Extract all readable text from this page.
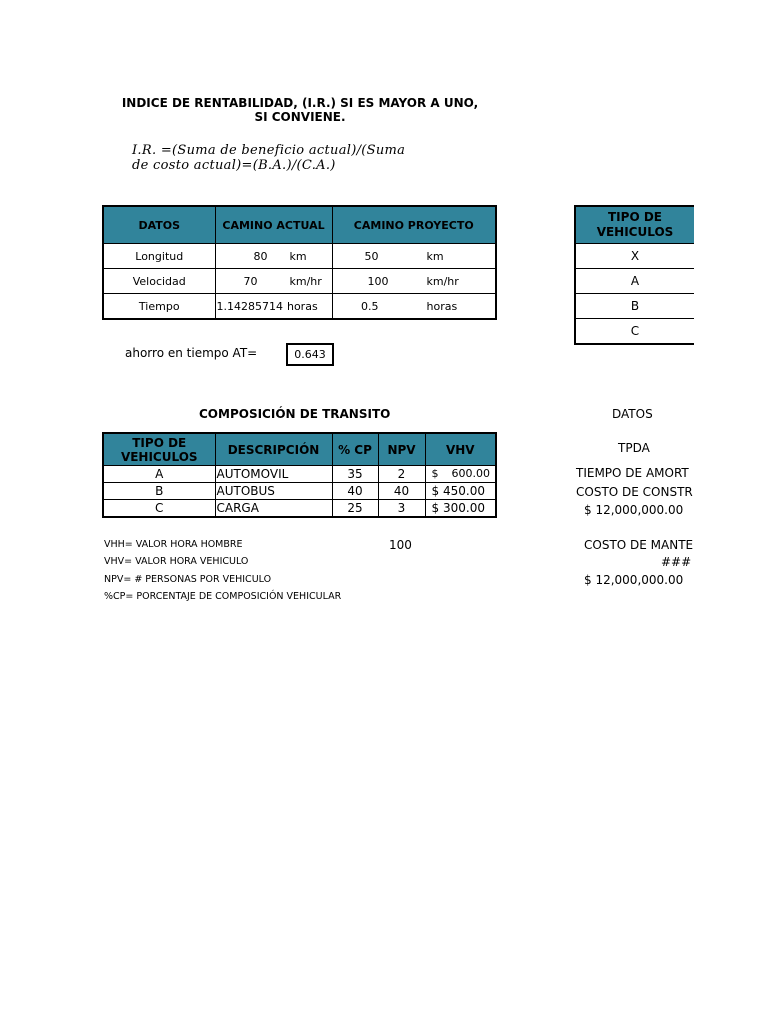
INDICE DE RENTABILIDAD, (I.R.) SI ES MAYOR A UNO,
SI CONVIENE.
I.R. =(Suma de beneficio actual)/(Suma
de costo actual)=(B.A.)/(C.A.)
DATOS	CAMINO ACTUAL	CAMINO PROYECTO
Longitud	80 km	50 km

Velocidad	70 km/hr	100 km/hr

Tiempo	1.14285714 horas	0.5 horas
TIPO DE
VEHICULOS

X

A

B

C
ahorro en tiempo AT=	0.643
COMPOSICIÓN DE TRANSITO
TIPO DE
VEHICULOS	DESCRIPCIÓN	% CP	NPV	VHV
A	AUTOMOVIL	35	2	$ 600.00

B	AUTOBUS	40	40	$ 450.00

C	CARGA	25	3	$ 300.00
VHH= VALOR HORA HOMBRE
VHV= VALOR HORA VEHICULO
NPV= # PERSONAS POR VEHICULO
%CP= PORCENTAJE DE COMPOSICIÓN VEHICULAR
100
DATOS
TPDA
TIEMPO DE AMORT
COSTO DE CONSTR
$ 12,000,000.00
COSTO DE MANTE
###
$ 12,000,000.00
